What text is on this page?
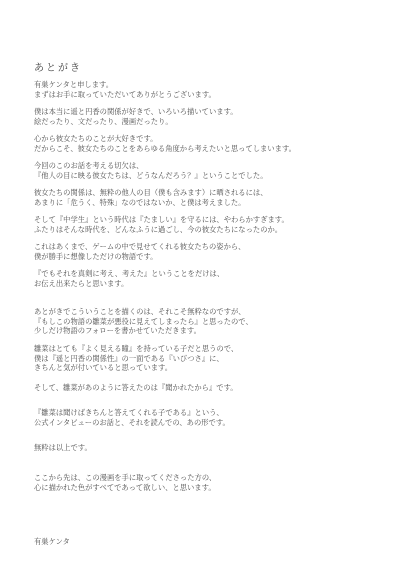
あとがき

有巣ケンタと申します。
まずはお手に取っていただいてありがとうございます。

僕は本当に遥と円香の関係が好きで、いろいろ描いています。
絵だったり、文だったり、漫画だったり。

心から彼女たちのことが大好きです。
だからこそ、彼女たちのことをあらゆる角度から考えたいと思ってしまいます。

今回のこのお話を考える切欠は、
『他人の目に映る彼女たちは、どうなんだろう？』ということでした。

彼女たちの関係は、無粋の他人の目（僕も含みます）に晒されるには、
あまりに「危うく、特殊」なのではないか、と僕は考えました。

そして『中学生』という時代は『たましい』を守るには、やわらかすぎます。
ふたりはそんな時代を、どんなふうに過ごし、今の彼女たちになったのか。

これはあくまで、ゲームの中で見せてくれる彼女たちの姿から、
僕が勝手に想像しただけの物語です。

『でもそれを真剣に考え、考えた』ということをだけは、
お伝え出来たらと思います。

あとがきでこういうことを描くのは、それこそ無粋なのですが、
『もしこの物語の雛菜が悪役に見えてしまったら』と思ったので、
少しだけ物語のフォローを書かせていただきます。

雛菜はとても『よく見える瞳』を持っている子だと思うので、
僕は『遥と円香の関係性』の一面である『いびつさ』に、
きちんと気が付いていると思っています。

そして、雛菜があのように答えたのは『聞かれたから』です。

『雛菜は聞けばきちんと答えてくれる子である』という、
公式インタビューのお話と、それを読んでの、あの形です。

無粋は以上です。

ここから先は、この漫画を手に取ってくださった方の、
心に描かれた色がすべてであって欲しい、と思います。

有巣ケンタ
